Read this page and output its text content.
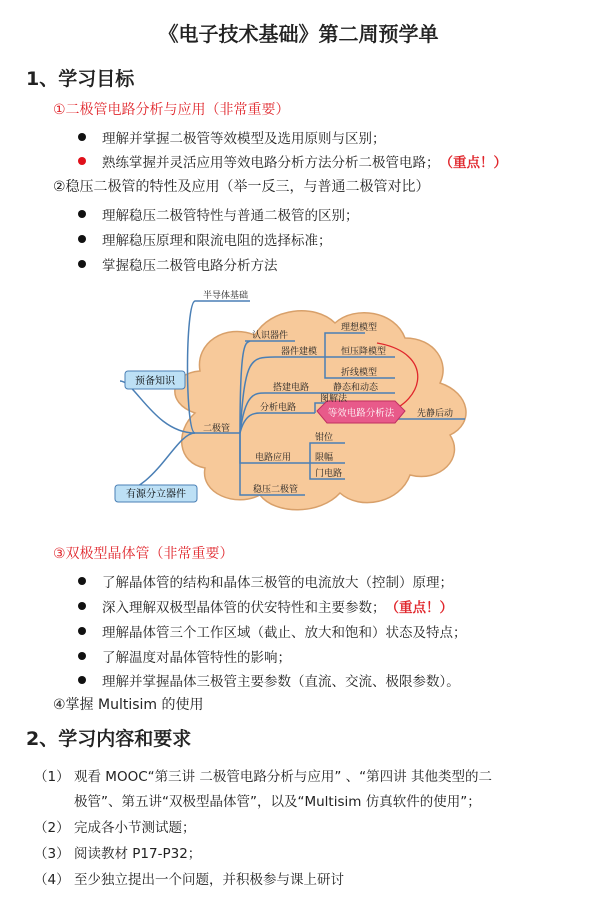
《电子技术基础》第二周预学单
1、学习目标
①二极管电路分析与应用（非常重要）
理解并掌握二极管等效模型及选用原则与区别；
熟练掌握并灵活应用等效电路分析方法分析二极管电路； （重点！）
②稳压二极管的特性及应用（举一反三，与普通二极管对比）
理解稳压二极管特性与普通二极管的区别；
理解稳压原理和限流电阻的选择标准；
掌握稳压二极管电路分析方法
预备知识
有源分立器件
等效电路分析法
半导体基础
二极管
认识器件
器件建模
理想模型
恒压降模型
折线模型
搭建电路	静态和动态
分析电路
图解法
先静后动
电路应用
钳位
限幅
门电路
稳压二极管
③双极型晶体管（非常重要）
了解晶体管的结构和晶体三极管的电流放大（控制）原理；
深入理解双极型晶体管的伏安特性和主要参数； （重点！）
理解晶体管三个工作区域（截止、放大和饱和）状态及特点；
了解温度对晶体管特性的影响；
理解并掌握晶体三极管主要参数（直流、交流、极限参数）。
④掌握 Multisim 的使用
2、学习内容和要求
（1） 观看 MOOC“第三讲 二极管电路分析与应用” 、“第四讲 其他类型的二
极管”、第五讲“双极型晶体管”，以及“Multisim 仿真软件的使用”；
（2） 完成各小节测试题；
（3） 阅读教材 P17-P32；
（4） 至少独立提出一个问题，并积极参与课上研讨
